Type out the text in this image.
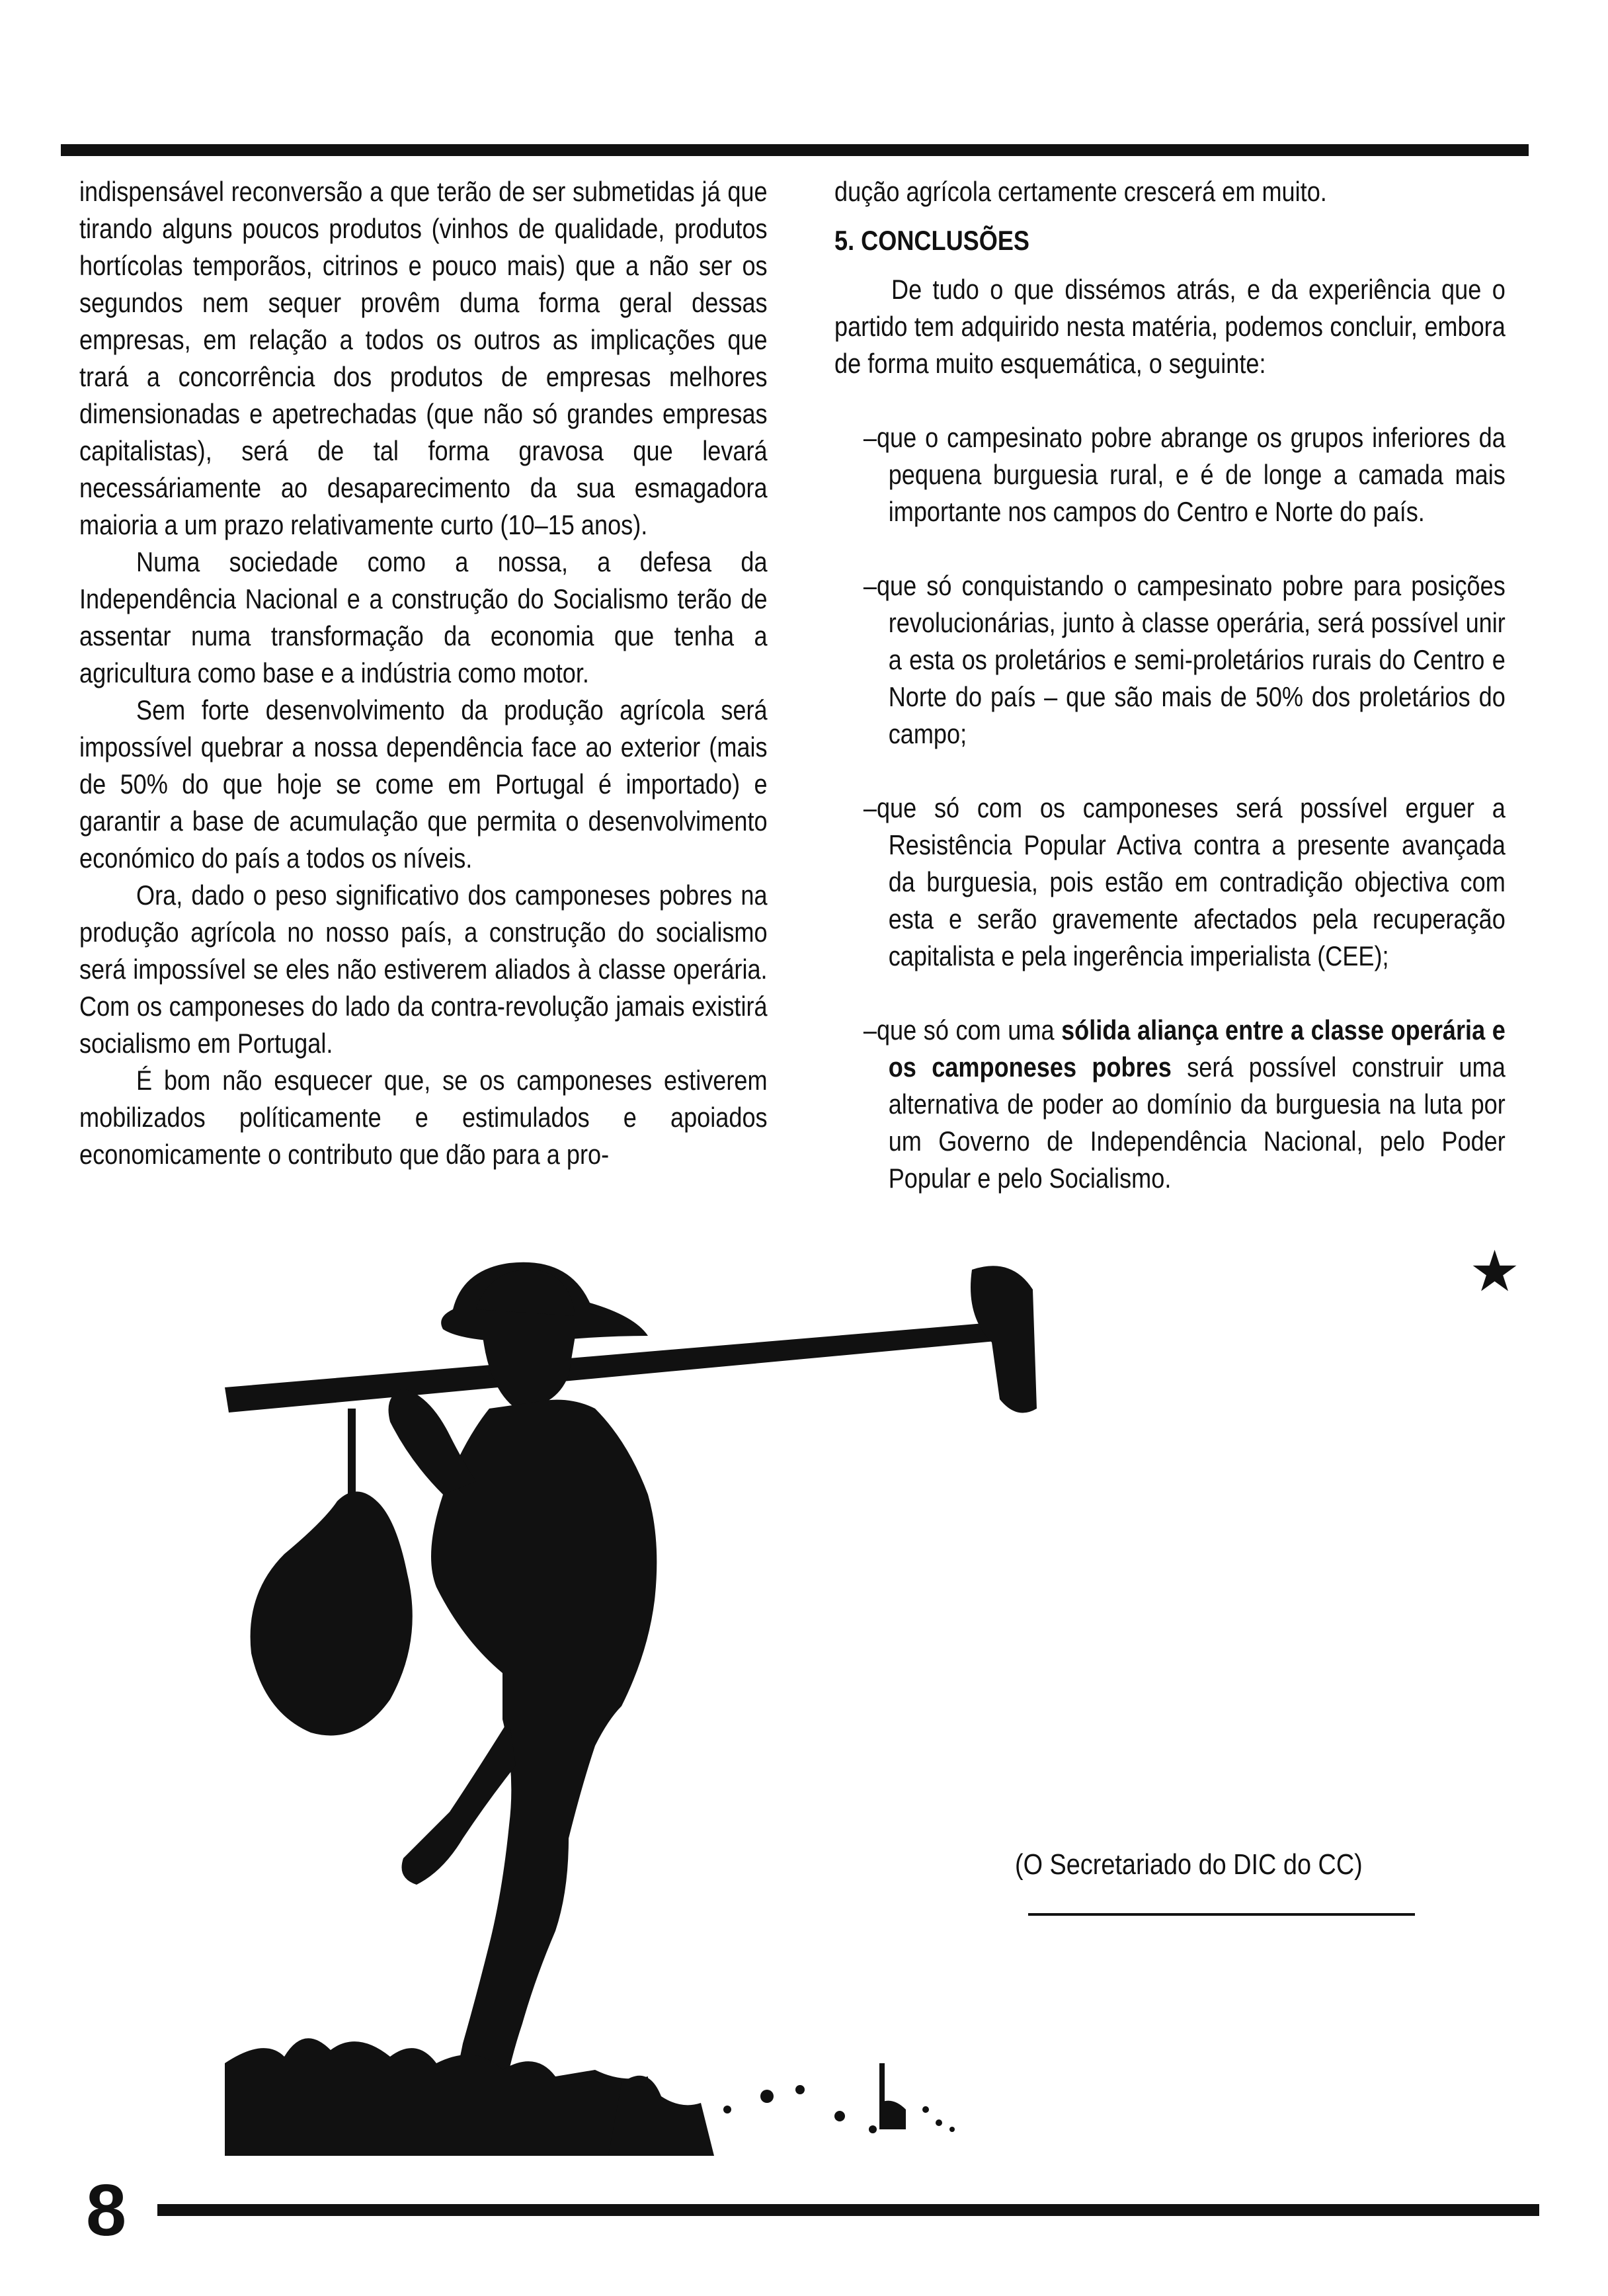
indispensável reconversão a que terão de ser submetidas já que tirando alguns poucos produtos (vinhos de qualidade, produtos hortícolas temporãos, citrinos e pouco mais) que a não ser os segundos nem sequer provêm duma forma geral dessas empresas, em relação a todos os outros as implicações que trará a concorrência dos produtos de empresas melhores dimensionadas e apetrechadas (que não só grandes empresas capitalistas), será de tal forma gravosa que levará necessáriamente ao desaparecimento da sua esmagadora maioria a um prazo relativamente curto (10–15 anos).

Numa sociedade como a nossa, a defesa da Independência Nacional e a construção do Socialismo terão de assentar numa transformação da economia que tenha a agricultura como base e a indústria como motor.

Sem forte desenvolvimento da produção agrícola será impossível quebrar a nossa dependência face ao exterior (mais de 50% do que hoje se come em Portugal é importado) e garantir a base de acumulação que permita o desenvolvimento económico do país a todos os níveis.

Ora, dado o peso significativo dos camponeses pobres na produção agrícola no nosso país, a construção do socialismo será impossível se eles não estiverem aliados à classe operária. Com os camponeses do lado da contra-revolução jamais existirá socialismo em Portugal.

É bom não esquecer que, se os camponeses estiverem mobilizados políticamente e estimulados e apoiados economicamente o contributo que dão para a pro-

dução agrícola certamente crescerá em muito.

5. CONCLUSÕES

De tudo o que dissémos atrás, e da experiência que o partido tem adquirido nesta matéria, podemos concluir, embora de forma muito esquemática, o seguinte:

–que o campesinato pobre abrange os grupos inferiores da pequena burguesia rural, e é de longe a camada mais importante nos campos do Centro e Norte do país.

–que só conquistando o campesinato pobre para posições revolucionárias, junto à classe operária, será possível unir a esta os proletários e semi-proletários rurais do Centro e Norte do país – que são mais de 50% dos proletários do campo;

–que só com os camponeses será possível erguer a Resistência Popular Activa contra a presente avançada da burguesia, pois estão em contradição objectiva com esta e serão gravemente afectados pela recuperação capitalista e pela ingerência imperialista (CEE);

–que só com uma sólida aliança entre a classe operária e os camponeses pobres será possível construir uma alternativa de poder ao domínio da burguesia na luta por um Governo de Independência Nacional, pelo Poder Popular e pelo Socialismo.

★
(O Secretariado do DIC do CC)
8
